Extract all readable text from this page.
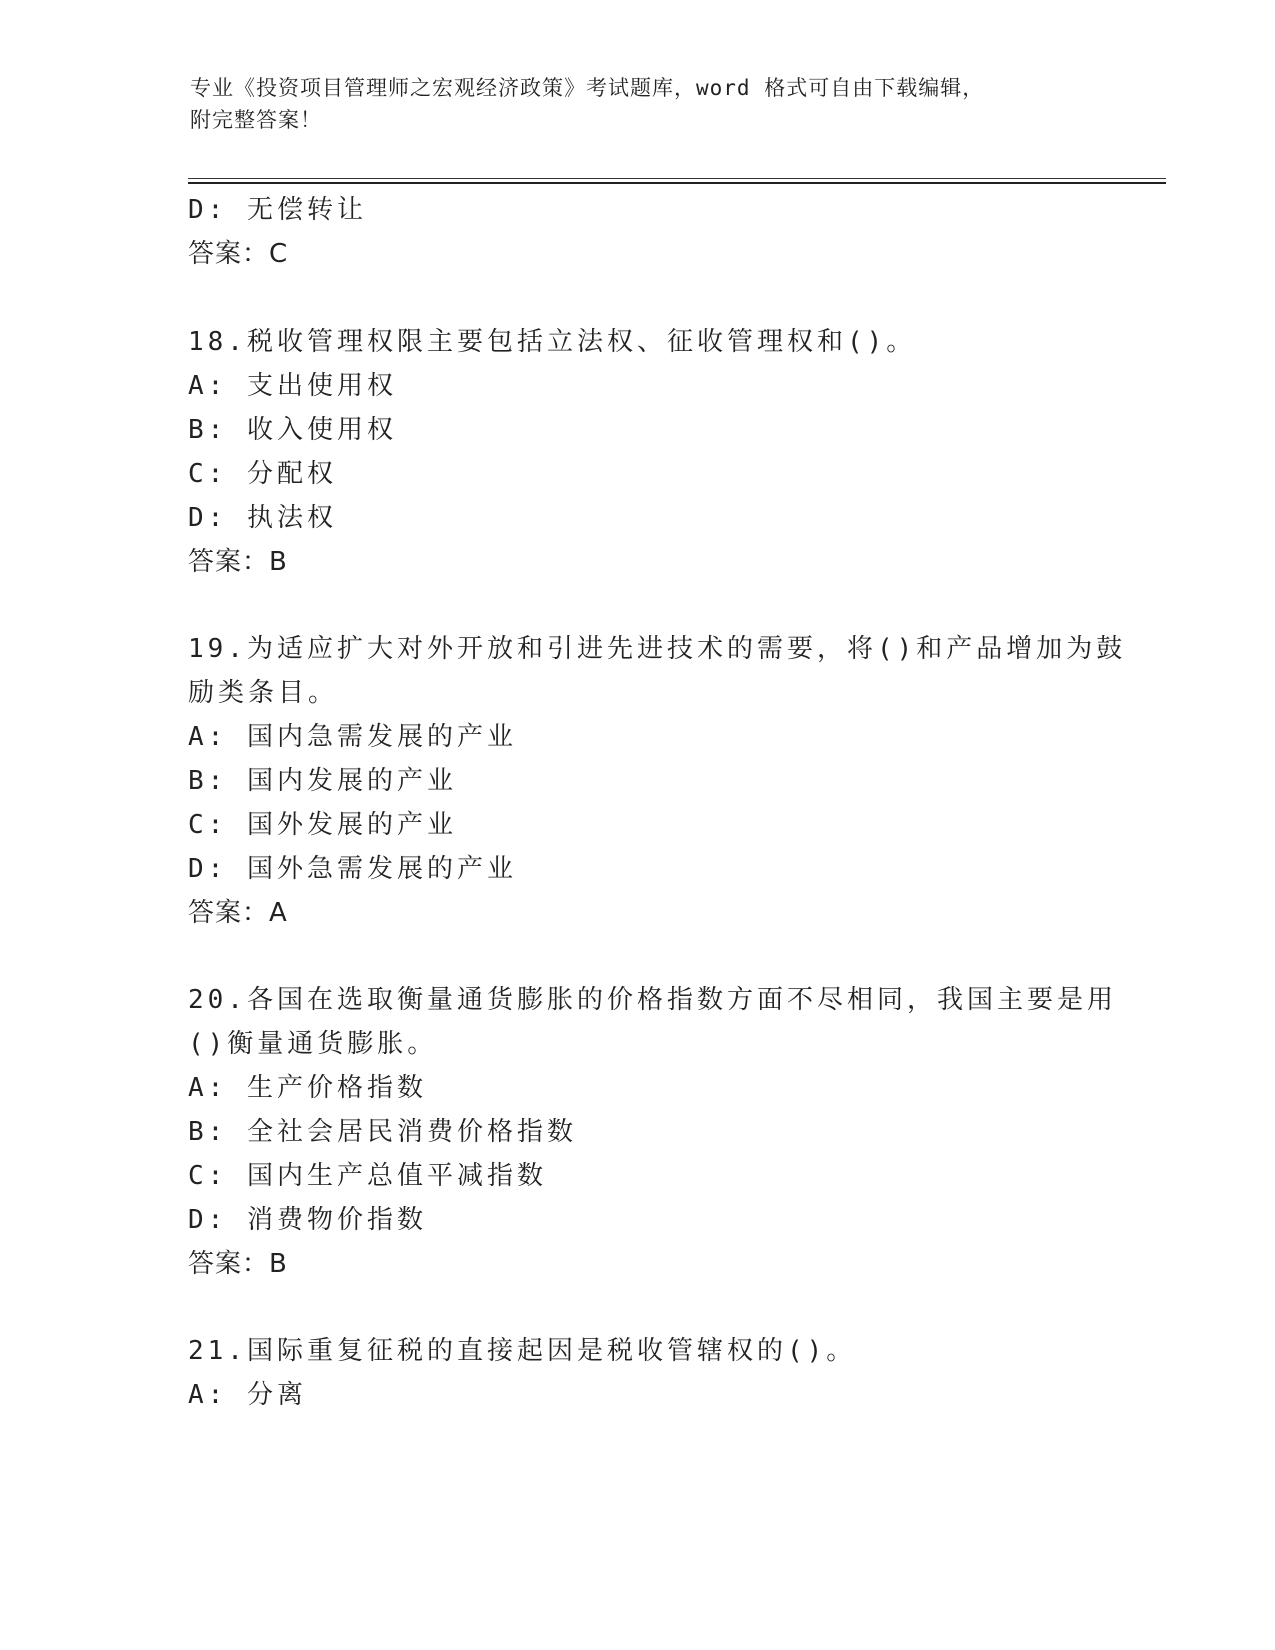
专业《投资项目管理师之宏观经济政策》考试题库，word 格式可自由下载编辑，
附完整答案！
D: 无偿转让
答案：C
18.税收管理权限主要包括立法权、征收管理权和()。
A: 支出使用权
B: 收入使用权
C: 分配权
D: 执法权
答案：B
19.为适应扩大对外开放和引进先进技术的需要，将()和产品增加为鼓
励类条目。
A: 国内急需发展的产业
B: 国内发展的产业
C: 国外发展的产业
D: 国外急需发展的产业
答案：A
20.各国在选取衡量通货膨胀的价格指数方面不尽相同，我国主要是用
()衡量通货膨胀。
A: 生产价格指数
B: 全社会居民消费价格指数
C: 国内生产总值平减指数
D: 消费物价指数
答案：B
21.国际重复征税的直接起因是税收管辖权的()。
A: 分离
